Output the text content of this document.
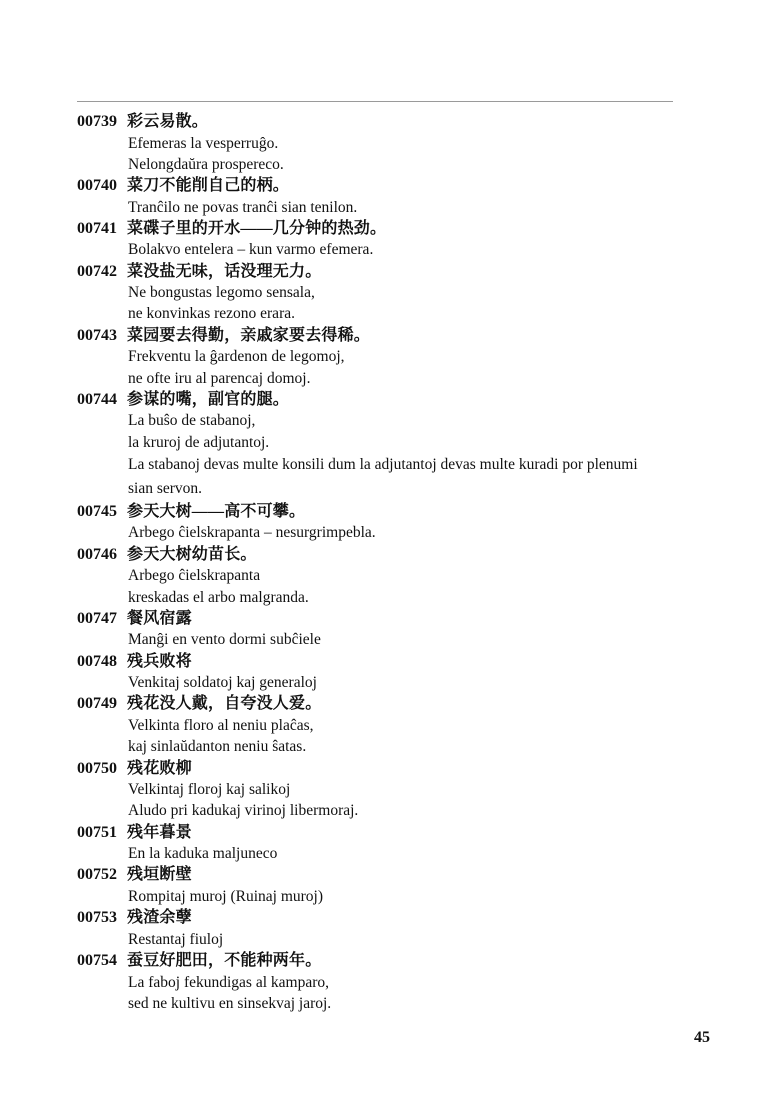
00739 彩云易散。
Efemeras la vesperruĝo.
Nelongdaŭra prospereco.
00740 菜刀不能削自己的柄。
Tranĉilo ne povas tranĉi sian tenilon.
00741 菜碟子里的开水——几分钟的热劲。
Bolakvo entelera – kun varmo efemera.
00742 菜没盐无味，话没理无力。
Ne bongustas legomo sensala,
ne konvinkas rezono erara.
00743 菜园要去得勤，亲戚家要去得稀。
Frekventu la ĝardenon de legomoj,
ne ofte iru al parencaj domoj.
00744 参谋的嘴，副官的腿。
La buŝo de stabanoj,
la kruroj de adjutantoj.
La stabanoj devas multe konsili dum la adjutantoj devas multe kuradi por plenumi sian servon.
00745 参天大树——高不可攀。
Arbego ĉielskrapanta – nesurgrimpebla.
00746 参天大树幼苗长。
Arbego ĉielskrapanta
kreskadas el arbo malgranda.
00747 餐风宿露
Manĝi en vento dormi subĉiele
00748 残兵败将
Venkitaj soldatoj kaj generaloj
00749 残花没人戴，自夸没人爱。
Velkinta floro al neniu plaĉas,
kaj sinlaŭdanton neniu ŝatas.
00750 残花败柳
Velkintaj floroj kaj salikoj
Aludo pri kadukaj virinoj libermoraj.
00751 残年暮景
En la kaduka maljuneco
00752 残垣断壁
Rompitaj muroj (Ruinaj muroj)
00753 残渣余孽
Restantaj fiuloj
00754 蚕豆好肥田，不能种两年。
La faboj fekundigas al kamparo,
sed ne kultivu en sinsekvaj jaroj.
45
